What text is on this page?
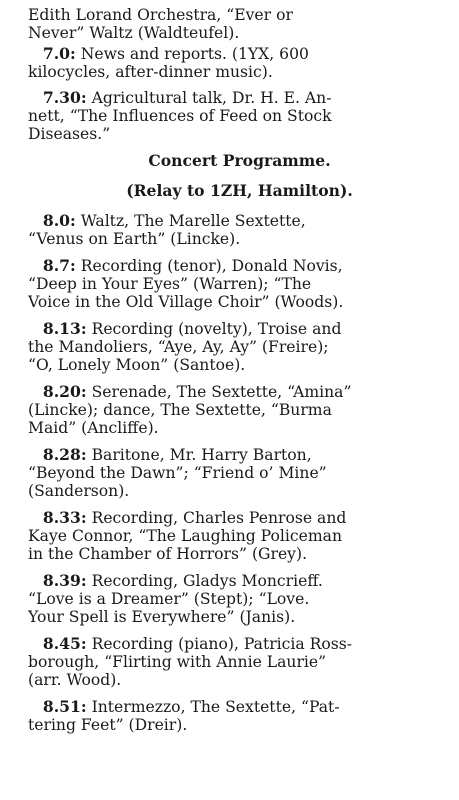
Edith Lorand Orchestra, “Ever or
Never” Waltz (Waldteufel).
7.0: News and reports. (1YX, 600
kilocycles, after-dinner music).
7.30: Agricultural talk, Dr. H. E. An-
nett, “The Influences of Feed on Stock
Diseases.”
Concert Programme.
(Relay to 1ZH, Hamilton).
8.0: Waltz, The Marelle Sextette,
“Venus on Earth” (Lincke).
8.7: Recording (tenor), Donald Novis,
“Deep in Your Eyes” (Warren); “The
Voice in the Old Village Choir” (Woods).
8.13: Recording (novelty), Troise and
the Mandoliers, “Aye, Ay, Ay” (Freire);
“O, Lonely Moon” (Santoe).
8.20: Serenade, The Sextette, “Amina”
(Lincke); dance, The Sextette, “Burma
Maid” (Ancliffe).
8.28: Baritone, Mr. Harry Barton,
“Beyond the Dawn”; “Friend o’ Mine”
(Sanderson).
8.33: Recording, Charles Penrose and
Kaye Connor, “The Laughing Policeman
in the Chamber of Horrors” (Grey).
8.39: Recording, Gladys Moncrieff.
“Love is a Dreamer” (Stept); “Love.
Your Spell is Everywhere” (Janis).
8.45: Recording (piano), Patricia Ross-
borough, “Flirting with Annie Laurie”
(arr. Wood).
8.51: Intermezzo, The Sextette, “Pat-
tering Feet” (Dreir).
